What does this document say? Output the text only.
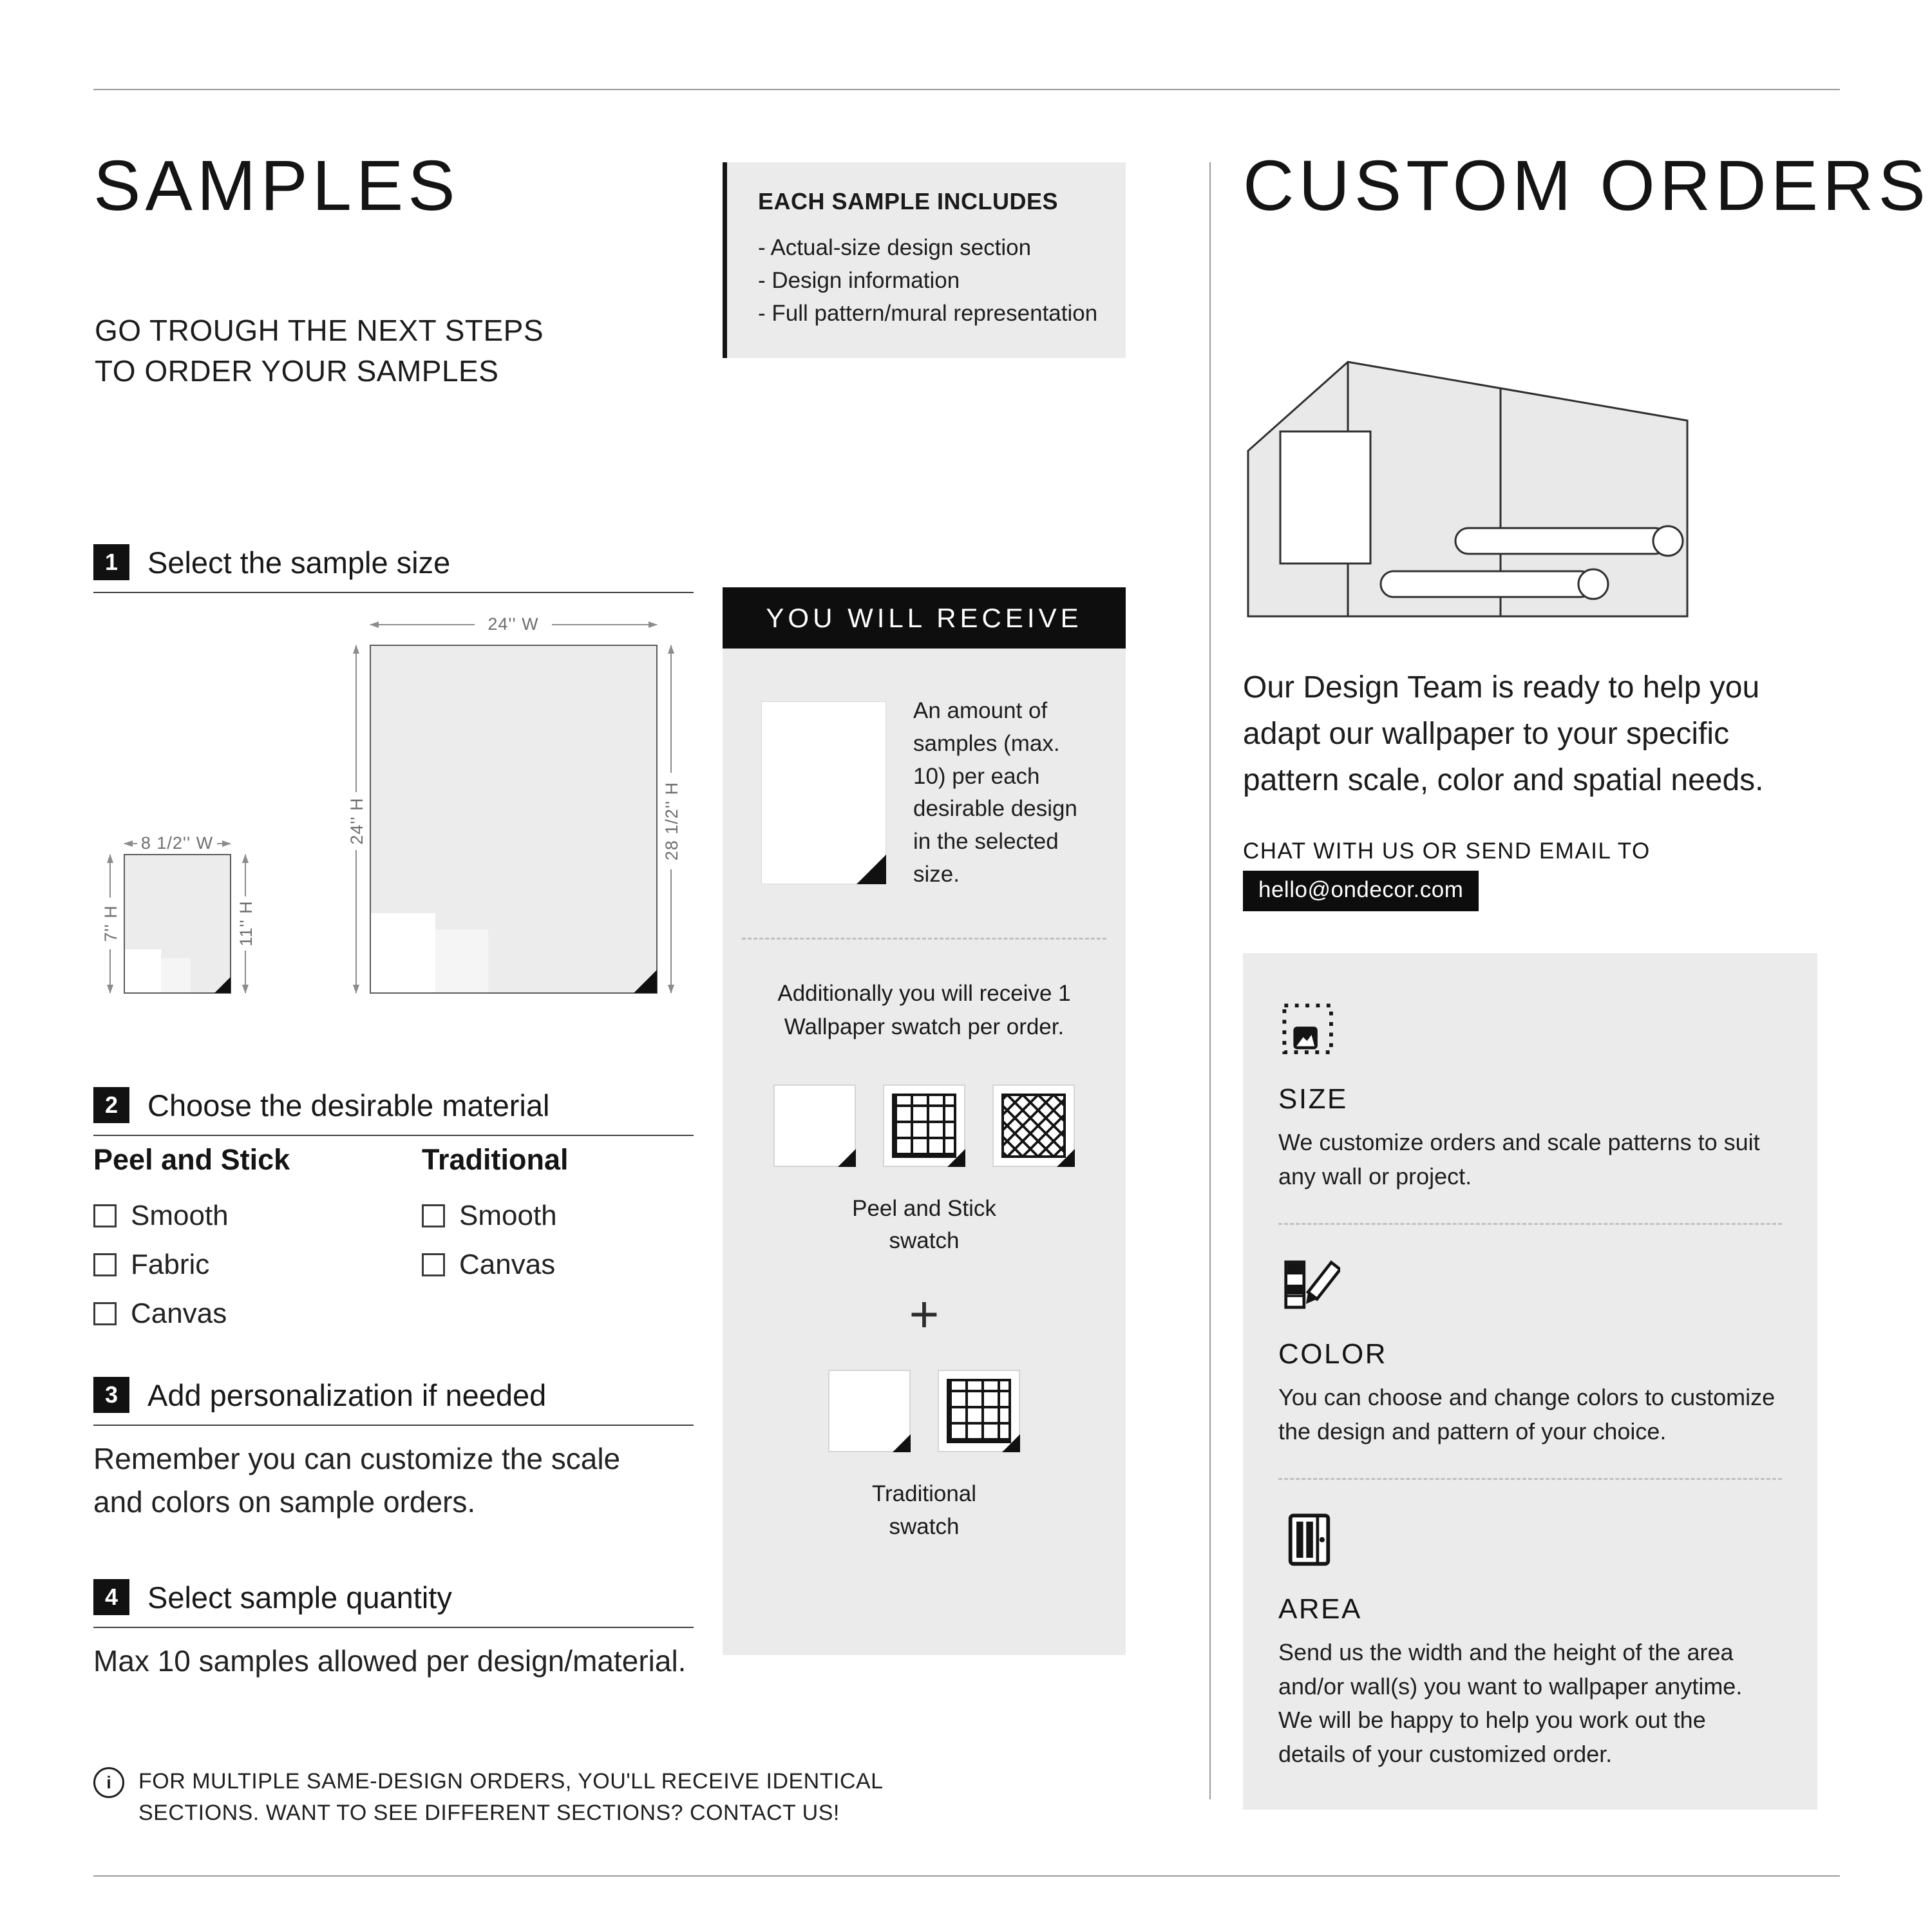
SAMPLES
GO TROUGH THE NEXT STEPS
TO ORDER YOUR SAMPLES
1 Select the sample size
24'' W
24'' H	28 1/2'' H
8 1/2'' W
7'' H	11'' H
2 Choose the desirable material
Peel and Stick
Smooth
Fabric
Canvas
Traditional
Smooth
Canvas
3 Add personalization if needed
Remember you can customize the scale and colors on sample orders.
4 Select sample quantity
Max 10 samples allowed per design/material.
i	FOR MULTIPLE SAME-DESIGN ORDERS, YOU'LL RECEIVE IDENTICAL SECTIONS. WANT TO SEE DIFFERENT SECTIONS? CONTACT US!
EACH SAMPLE INCLUDES
- Actual-size design section
- Design information
- Full pattern/mural representation
YOU WILL RECEIVE
An amount of samples (max. 10) per each desirable design in the selected size.
Additionally you will receive 1 Wallpaper swatch per order.
Peel and Stick swatch
+
Traditional swatch
CUSTOM ORDERS
Our Design Team is ready to help you adapt our wallpaper to your specific pattern scale, color and spatial needs.
CHAT WITH US OR SEND EMAIL TO
hello@ondecor.com
SIZE
We customize orders and scale patterns to suit any wall or project.
COLOR
You can choose and change colors to customize the design and pattern of your choice.
AREA
Send us the width and the height of the area and/or wall(s) you want to wallpaper anytime. We will be happy to help you work out the details of your customized order.
